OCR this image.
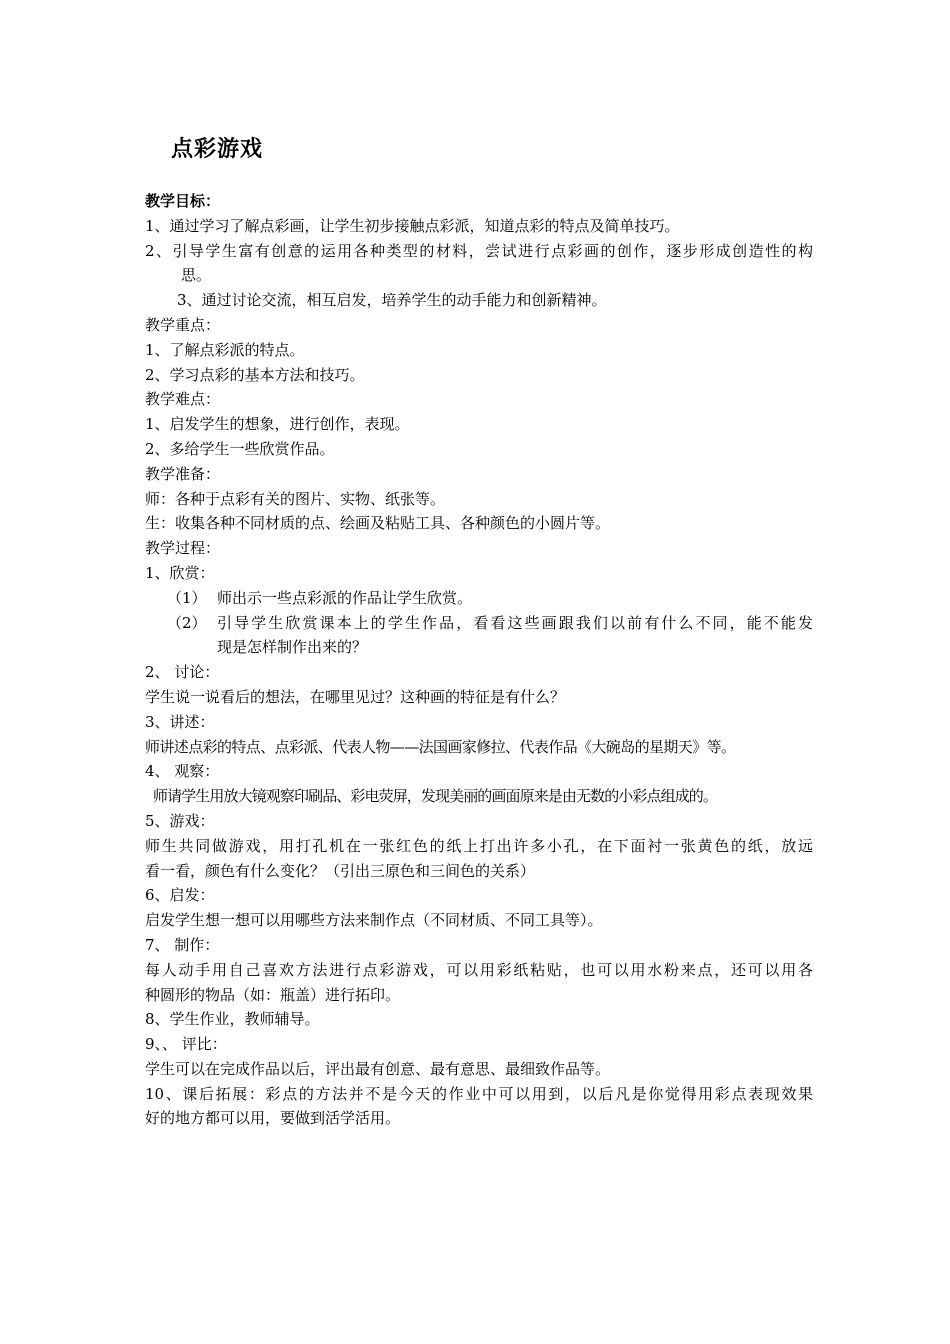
点彩游戏
教学目标：
1、通过学习了解点彩画，让学生初步接触点彩派，知道点彩的特点及简单技巧。
2、引导学生富有创意的运用各种类型的材料，尝试进行点彩画的创作，逐步形成创造性的构
思。
3、通过讨论交流，相互启发，培养学生的动手能力和创新精神。
教学重点：
1、了解点彩派的特点。
2、学习点彩的基本方法和技巧。
教学难点：
1、启发学生的想象，进行创作，表现。
2、多给学生一些欣赏作品。
教学准备：
师：各种于点彩有关的图片、实物、纸张等。
生：收集各种不同材质的点、绘画及粘贴工具、各种颜色的小圆片等。
教学过程：
1、欣赏：
（1） 师出示一些点彩派的作品让学生欣赏。
（2） 引导学生欣赏课本上的学生作品，看看这些画跟我们以前有什么不同，能不能发
现是怎样制作出来的？
2、 讨论：
学生说一说看后的想法，在哪里见过？这种画的特征是有什么？
3、讲述：
师讲述点彩的特点、点彩派、代表人物——法国画家修拉、代表作品《大碗岛的星期天》等。
4、 观察：
师请学生用放大镜观察印刷品、彩电荧屏，发现美丽的画面原来是由无数的小彩点组成的。
5、游戏：
师生共同做游戏，用打孔机在一张红色的纸上打出许多小孔，在下面衬一张黄色的纸，放远
看一看，颜色有什么变化？（引出三原色和三间色的关系）
6、启发：
启发学生想一想可以用哪些方法来制作点（不同材质、不同工具等）。
7、 制作：
每人动手用自己喜欢方法进行点彩游戏，可以用彩纸粘贴，也可以用水粉来点，还可以用各
种圆形的物品（如：瓶盖）进行拓印。
8、学生作业，教师辅导。
9、、 评比：
学生可以在完成作品以后，评出最有创意、最有意思、最细致作品等。
10、课后拓展：彩点的方法并不是今天的作业中可以用到，以后凡是你觉得用彩点表现效果
好的地方都可以用，要做到活学活用。
